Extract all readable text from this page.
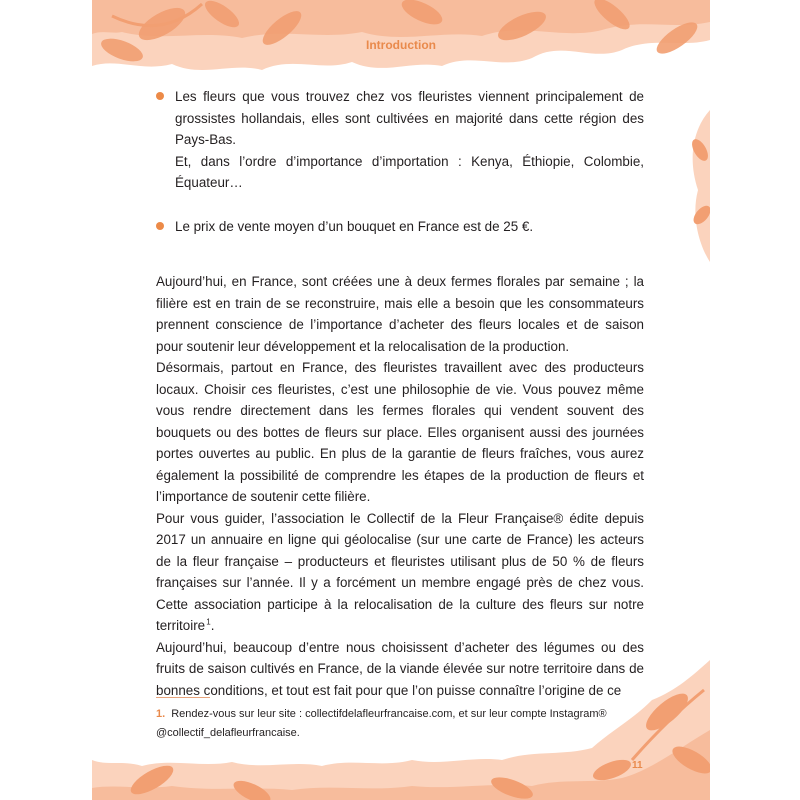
Introduction

Les fleurs que vous trouvez chez vos fleuristes viennent principalement de grossistes hollandais, elles sont cultivées en majorité dans cette région des Pays-Bas.

Et, dans l’ordre d’importance d’importation : Kenya, Éthiopie, Colombie, Équateur…

Le prix de vente moyen d’un bouquet en France est de 25 €.

Aujourd’hui, en France, sont créées une à deux fermes florales par semaine ; la filière est en train de se reconstruire, mais elle a besoin que les consommateurs prennent conscience de l’importance d’acheter des fleurs locales et de saison pour soutenir leur développement et la relocalisation de la production.

Désormais, partout en France, des fleuristes travaillent avec des producteurs locaux. Choisir ces fleuristes, c’est une philosophie de vie. Vous pouvez même vous rendre directement dans les fermes florales qui vendent souvent des bouquets ou des bottes de fleurs sur place. Elles organisent aussi des journées portes ouvertes au public. En plus de la garantie de fleurs fraîches, vous aurez également la possibilité de comprendre les étapes de la production de fleurs et l’importance de soutenir cette filière.

Pour vous guider, l’association le Collectif de la Fleur Française® édite depuis 2017 un annuaire en ligne qui géolocalise (sur une carte de France) les acteurs de la fleur française – producteurs et fleuristes utilisant plus de 50 % de fleurs françaises sur l’année. Il y a forcément un membre engagé près de chez vous. Cette association participe à la relocalisation de la culture des fleurs sur notre territoire $^1$.

Aujourd’hui, beaucoup d’entre nous choisissent d’acheter des légumes ou des fruits de saison cultivés en France, de la viande élevée sur notre territoire dans de bonnes conditions, et tout est fait pour que l’on puisse connaître l’origine de ce

1. Rendez-vous sur leur site : collectifdelafleurfrancaise.com, et sur leur compte Instagram® @collectif_delafleurfrancaise.
11
